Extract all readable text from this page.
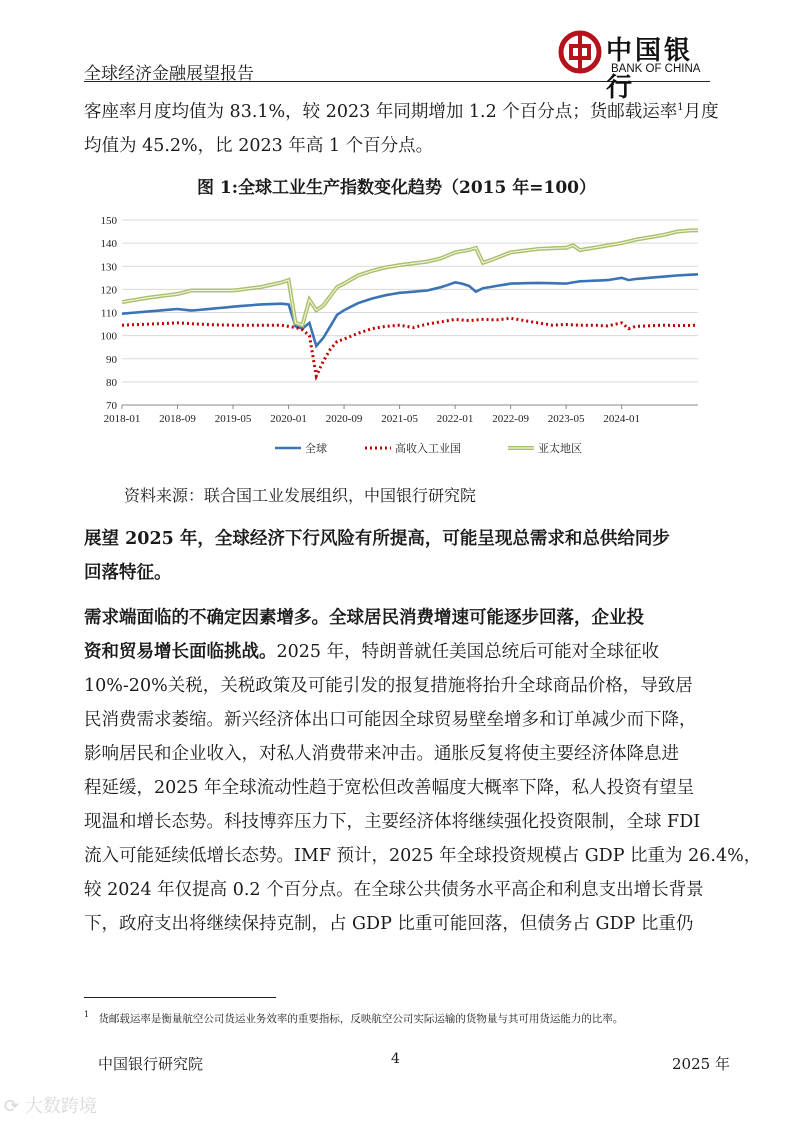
全球经济金融展望报告
中国银行
BANK OF CHINA
客座率月度均值为 83.1%，较 2023 年同期增加 1.2 个百分点；货邮载运率$^1$月度
均值为 45.2%，比 2023 年高 1 个百分点。
图 1:全球工业生产指数变化趋势（2015 年=100）
70
80
90
100
110
120
130
140
150
2018-01 2018-09 2019-05 2020-01 2020-09 2021-05 2022-01 2022-09 2023-05 2024-01
全球	高收入工业国	亚太地区
资料来源：联合国工业发展组织，中国银行研究院
展望 2025 年，全球经济下行风险有所提高，可能呈现总需求和总供给同步
回落特征。
需求端面临的不确定因素增多。全球居民消费增速可能逐步回落，企业投
资和贸易增长面临挑战。2025 年，特朗普就任美国总统后可能对全球征收
10%-20%关税，关税政策及可能引发的报复措施将抬升全球商品价格，导致居
民消费需求萎缩。新兴经济体出口可能因全球贸易壁垒增多和订单减少而下降，
影响居民和企业收入，对私人消费带来冲击。通胀反复将使主要经济体降息进
程延缓，2025 年全球流动性趋于宽松但改善幅度大概率下降，私人投资有望呈
现温和增长态势。科技博弈压力下，主要经济体将继续强化投资限制，全球 FDI
流入可能延续低增长态势。IMF 预计，2025 年全球投资规模占 GDP 比重为 26.4%，
较 2024 年仅提高 0.2 个百分点。在全球公共债务水平高企和利息支出增长背景
下，政府支出将继续保持克制，占 GDP 比重可能回落，但债务占 GDP 比重仍
$^1$ 货邮载运率是衡量航空公司货运业务效率的重要指标，反映航空公司实际运输的货物量与其可用货运能力的比率。
中国银行研究院	4	2025 年
⟳ 大数跨境
